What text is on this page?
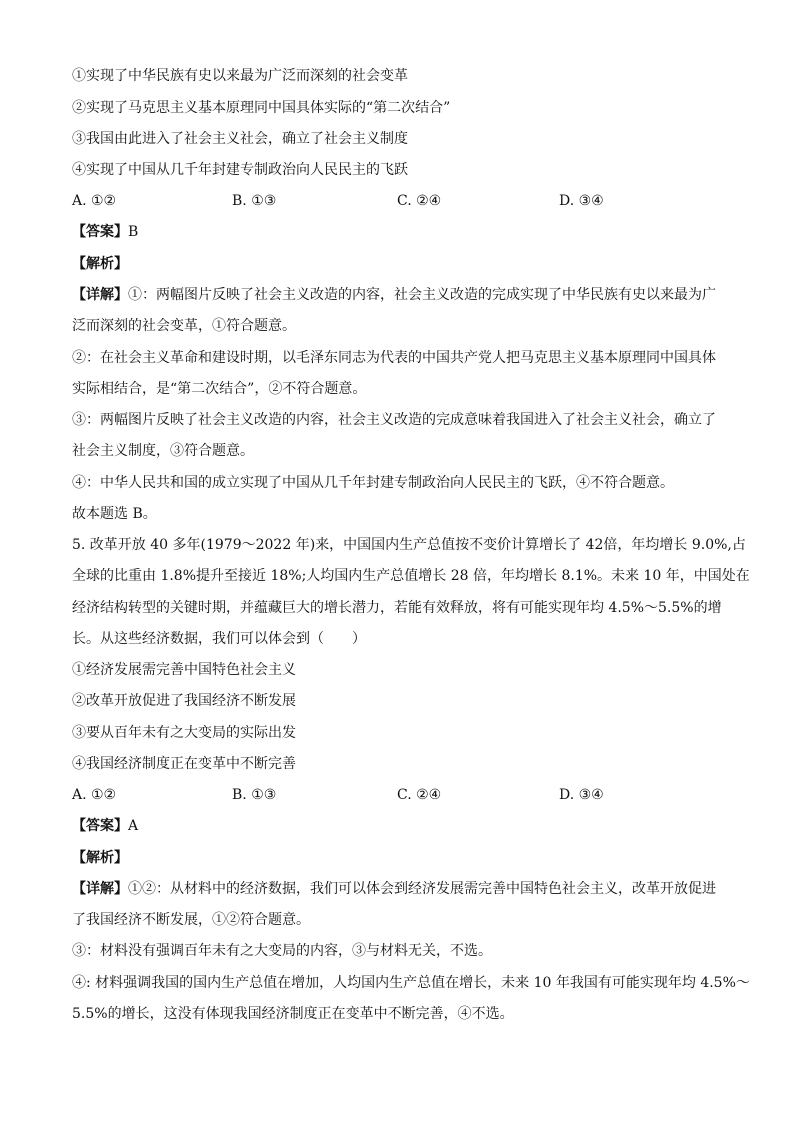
①实现了中华民族有史以来最为广泛而深刻的社会变革
②实现了马克思主义基本原理同中国具体实际的“第二次结合”
③我国由此进入了社会主义社会，确立了社会主义制度
④实现了中国从几千年封建专制政治向人民民主的飞跃
A. ①②	B. ①③	C. ②④	D. ③④
【答案】B
【解析】
【详解】①：两幅图片反映了社会主义改造的内容，社会主义改造的完成实现了中华民族有史以来最为广
泛而深刻的社会变革，①符合题意。
②：在社会主义革命和建设时期，以毛泽东同志为代表的中国共产党人把马克思主义基本原理同中国具体
实际相结合，是“第二次结合”，②不符合题意。
③：两幅图片反映了社会主义改造的内容，社会主义改造的完成意味着我国进入了社会主义社会，确立了
社会主义制度，③符合题意。
④：中华人民共和国的成立实现了中国从几千年封建专制政治向人民民主的飞跃，④不符合题意。
故本题选 B。
5. 改革开放 40 多年(1979～2022 年)来，中国国内生产总值按不变价计算增长了 42倍，年均增长 9.0%,占
全球的比重由 1.8%提升至接近 18%;人均国内生产总值增长 28 倍，年均增长 8.1%。未来 10 年，中国处在
经济结构转型的关键时期，并蕴藏巨大的增长潜力，若能有效释放，将有可能实现年均 4.5%～5.5%的增
长。从这些经济数据，我们可以体会到（　　）
①经济发展需完善中国特色社会主义
②改革开放促进了我国经济不断发展
③要从百年未有之大变局的实际出发
④我国经济制度正在变革中不断完善
A. ①②	B. ①③	C. ②④	D. ③④
【答案】A
【解析】
【详解】①②：从材料中的经济数据，我们可以体会到经济发展需完善中国特色社会主义，改革开放促进
了我国经济不断发展，①②符合题意。
③：材料没有强调百年未有之大变局的内容，③与材料无关，不选。
④: 材料强调我国的国内生产总值在增加，人均国内生产总值在增长，未来 10 年我国有可能实现年均 4.5%～
5.5%的增长，这没有体现我国经济制度正在变革中不断完善，④不选。
